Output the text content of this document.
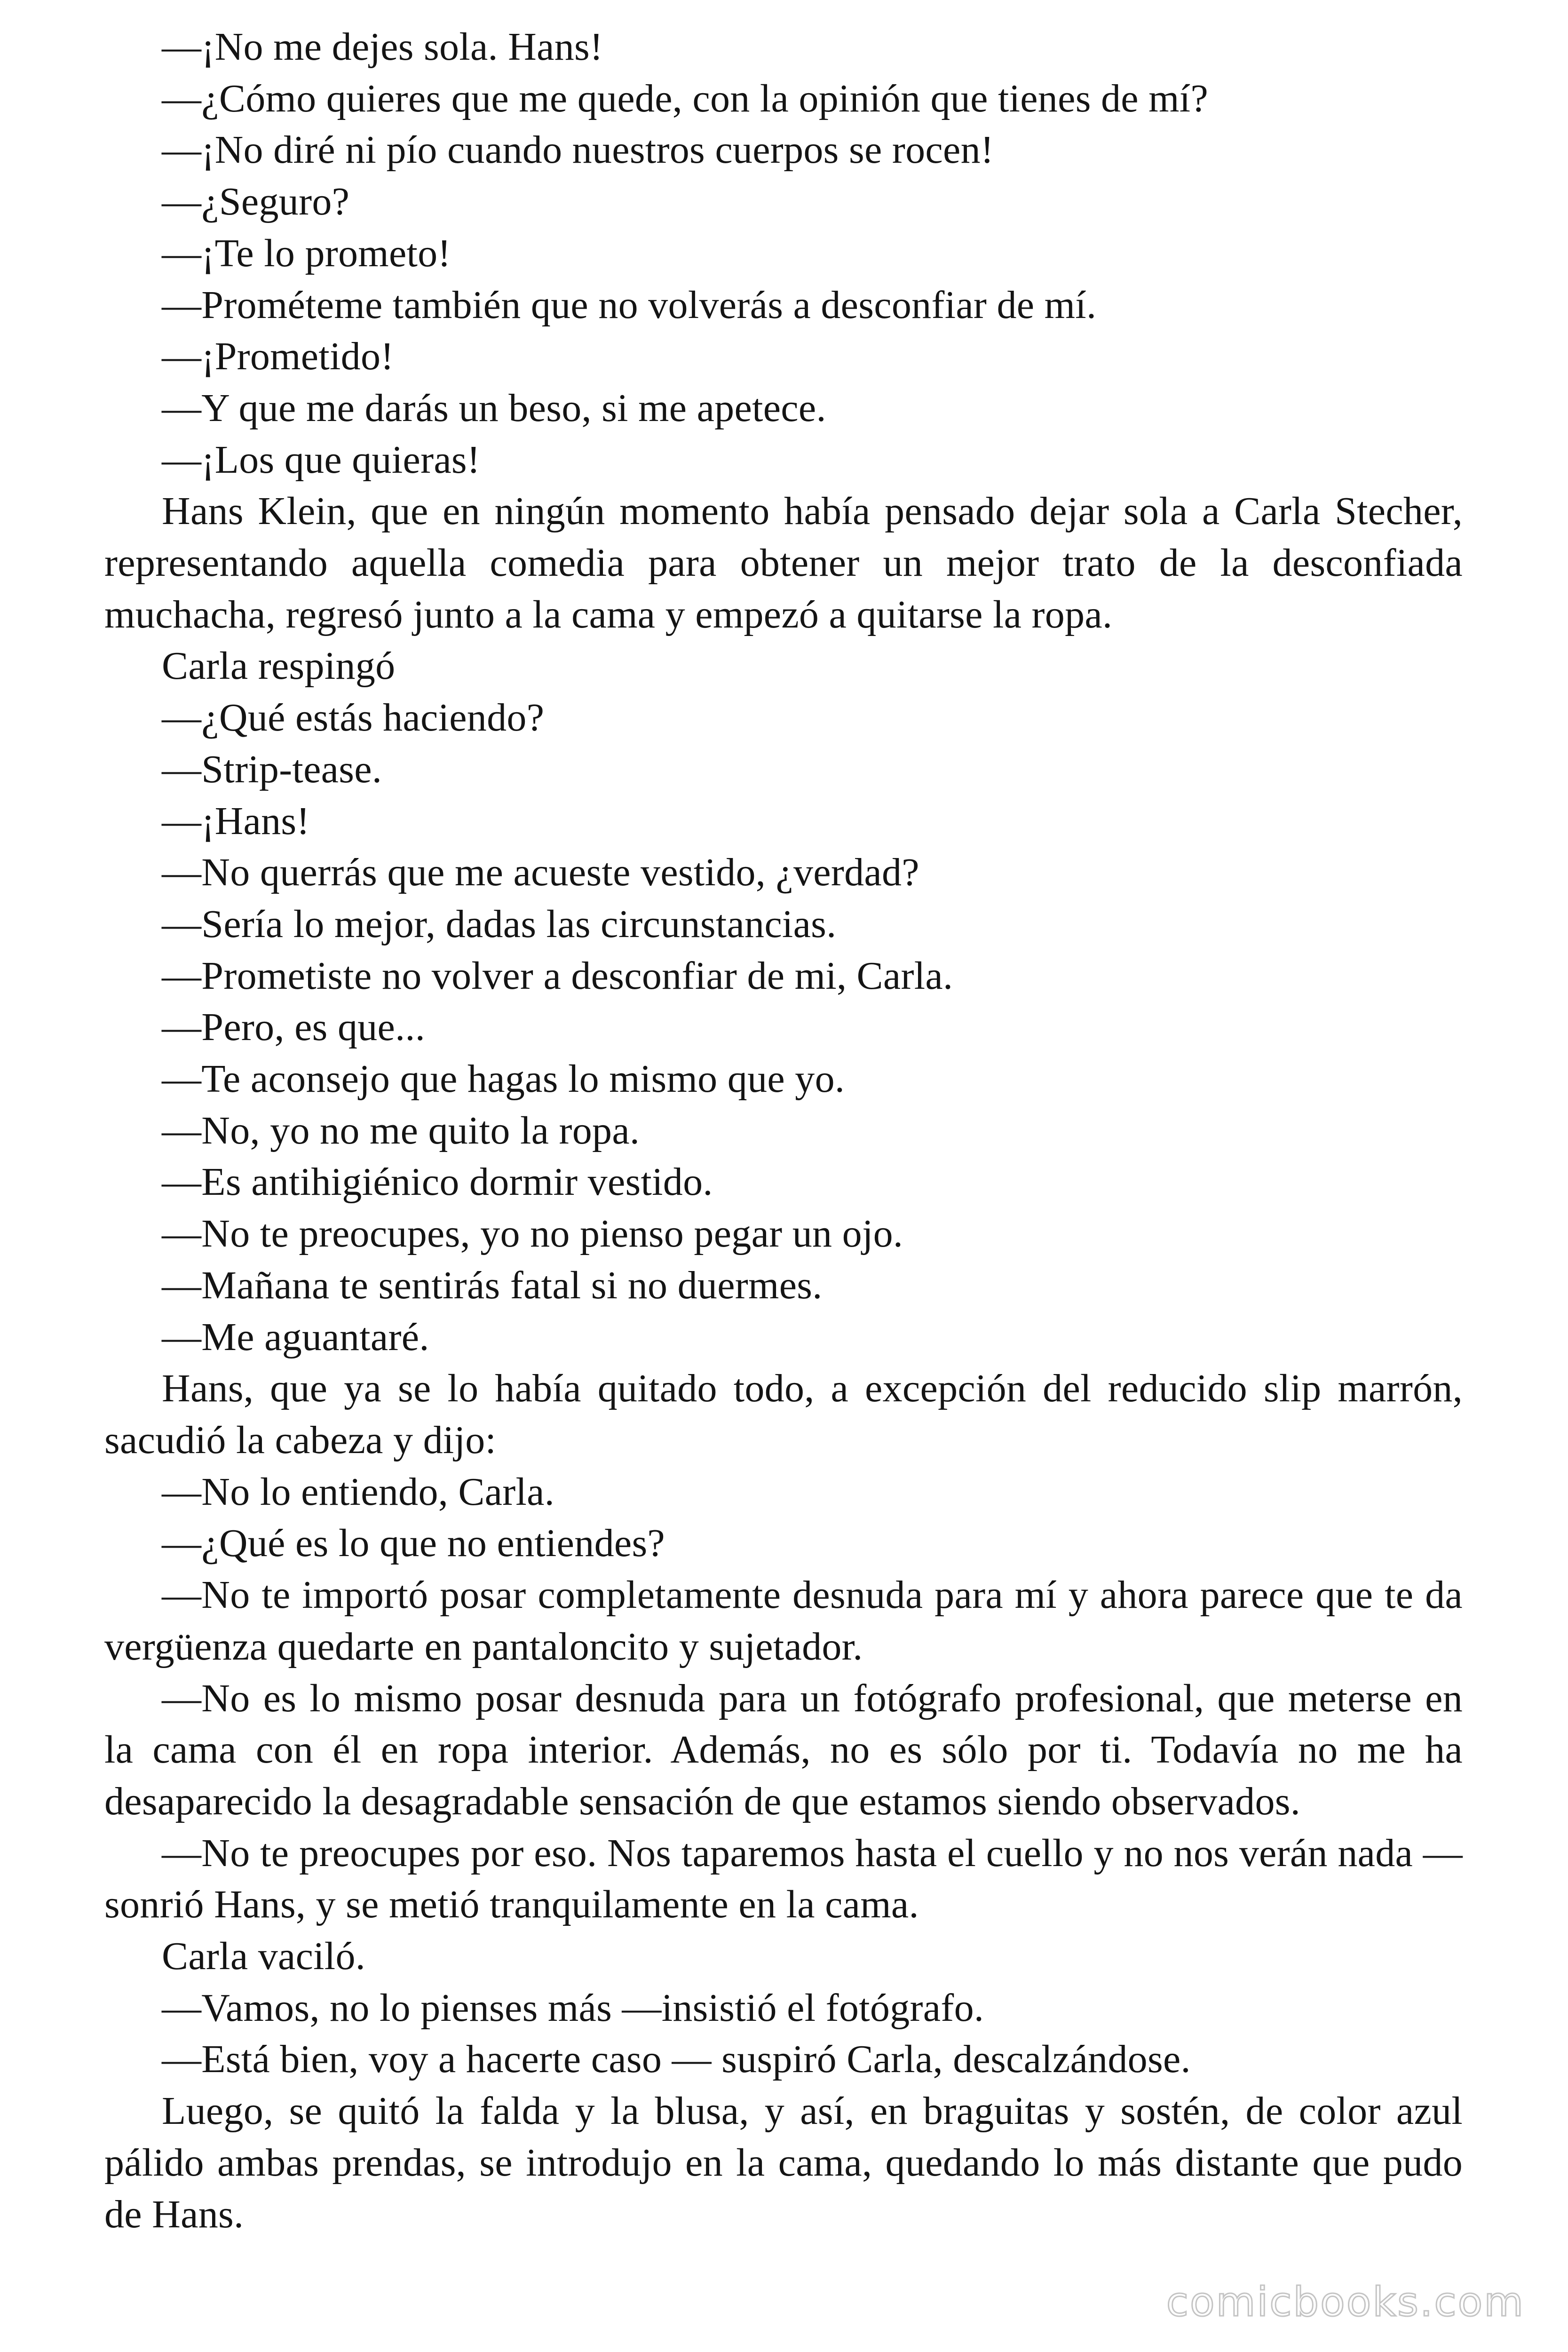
—¡No me dejes sola. Hans!

—¿Cómo quieres que me quede, con la opinión que tienes de mí?

—¡No diré ni pío cuando nuestros cuerpos se rocen!

—¿Seguro?

—¡Te lo prometo!

—Prométeme también que no volverás a desconfiar de mí.

—¡Prometido!

—Y que me darás un beso, si me apetece.

—¡Los que quieras!

Hans Klein, que en ningún momento había pensado dejar sola a Carla Stecher, representando aquella comedia para obtener un mejor trato de la desconfiada muchacha, regresó junto a la cama y empezó a quitarse la ropa.

Carla respingó

—¿Qué estás haciendo?

—Strip-tease.

—¡Hans!

—No querrás que me acueste vestido, ¿verdad?

—Sería lo mejor, dadas las circunstancias.

—Prometiste no volver a desconfiar de mi, Carla.

—Pero, es que...

—Te aconsejo que hagas lo mismo que yo.

—No, yo no me quito la ropa.

—Es antihigiénico dormir vestido.

—No te preocupes, yo no pienso pegar un ojo.

—Mañana te sentirás fatal si no duermes.

—Me aguantaré.

Hans, que ya se lo había quitado todo, a excepción del reducido slip marrón, sacudió la cabeza y dijo:

—No lo entiendo, Carla.

—¿Qué es lo que no entiendes?

—No te importó posar completamente desnuda para mí y ahora parece que te da vergüenza quedarte en pantaloncito y sujetador.

—No es lo mismo posar desnuda para un fotógrafo profesional, que meterse en la cama con él en ropa interior. Además, no es sólo por ti. Todavía no me ha desaparecido la desagradable sensación de que estamos siendo observados.

—No te preocupes por eso. Nos taparemos hasta el cuello y no nos verán nada — sonrió Hans, y se metió tranquilamente en la cama.

Carla vaciló.

—Vamos, no lo pienses más —insistió el fotógrafo.

—Está bien, voy a hacerte caso — suspiró Carla, descalzándose.

Luego, se quitó la falda y la blusa, y así, en braguitas y sostén, de color azul pálido ambas prendas, se introdujo en la cama, quedando lo más distante que pudo de Hans.

comicbooks.com
